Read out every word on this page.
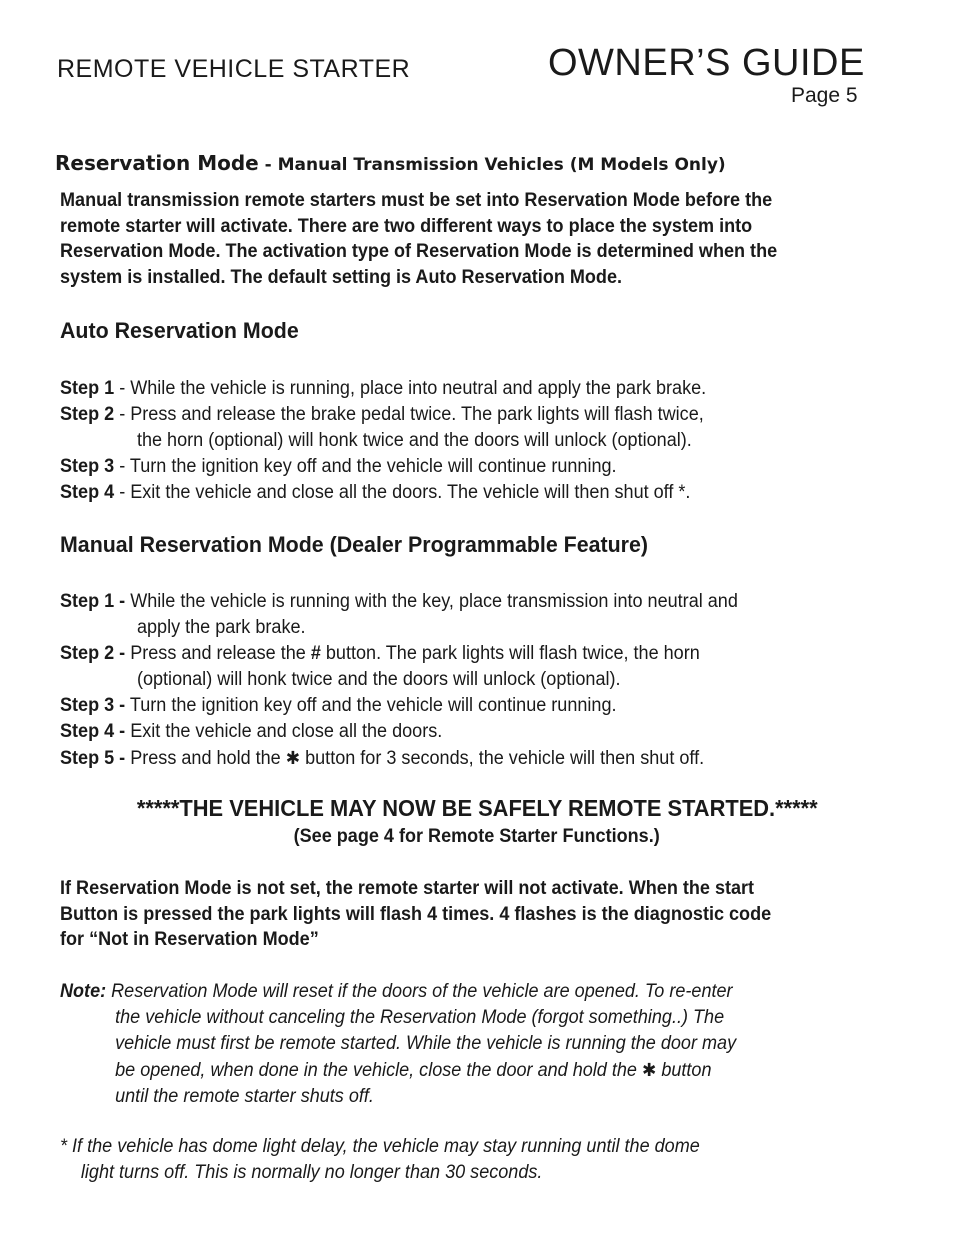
REMOTE VEHICLE STARTER	OWNER’S GUIDE
Page 5
Reservation Mode - Manual Transmission Vehicles (M Models Only)
Manual transmission remote starters must be set into Reservation Mode before the
remote starter will activate. There are two different ways to place the system into
Reservation Mode. The activation type of Reservation Mode is determined when the
system is installed. The default setting is Auto Reservation Mode.
Auto Reservation Mode
Step 1 - While the vehicle is running, place into neutral and apply the park brake.
Step 2 - Press and release the brake pedal twice. The park lights will flash twice,
the horn (optional) will honk twice and the doors will unlock (optional).
Step 3 - Turn the ignition key off and the vehicle will continue running.
Step 4 - Exit the vehicle and close all the doors. The vehicle will then shut off *.
Manual Reservation Mode (Dealer Programmable Feature)
Step 1 - While the vehicle is running with the key, place transmission into neutral and
apply the park brake.
Step 2 - Press and release the # button. The park lights will flash twice, the horn
(optional) will honk twice and the doors will unlock (optional).
Step 3 - Turn the ignition key off and the vehicle will continue running.
Step 4 - Exit the vehicle and close all the doors.
Step 5 - Press and hold the ✱ button for 3 seconds, the vehicle will then shut off.
*****THE VEHICLE MAY NOW BE SAFELY REMOTE STARTED.*****
(See page 4 for Remote Starter Functions.)
If Reservation Mode is not set, the remote starter will not activate. When the start
Button is pressed the park lights will flash 4 times. 4 flashes is the diagnostic code
for “Not in Reservation Mode”
Note: Reservation Mode will reset if the doors of the vehicle are opened. To re-enter
the vehicle without canceling the Reservation Mode (forgot something..) The
vehicle must first be remote started. While the vehicle is running the door may
be opened, when done in the vehicle, close the door and hold the ✱ button
until the remote starter shuts off.
* If the vehicle has dome light delay, the vehicle may stay running until the dome
light turns off. This is normally no longer than 30 seconds.
